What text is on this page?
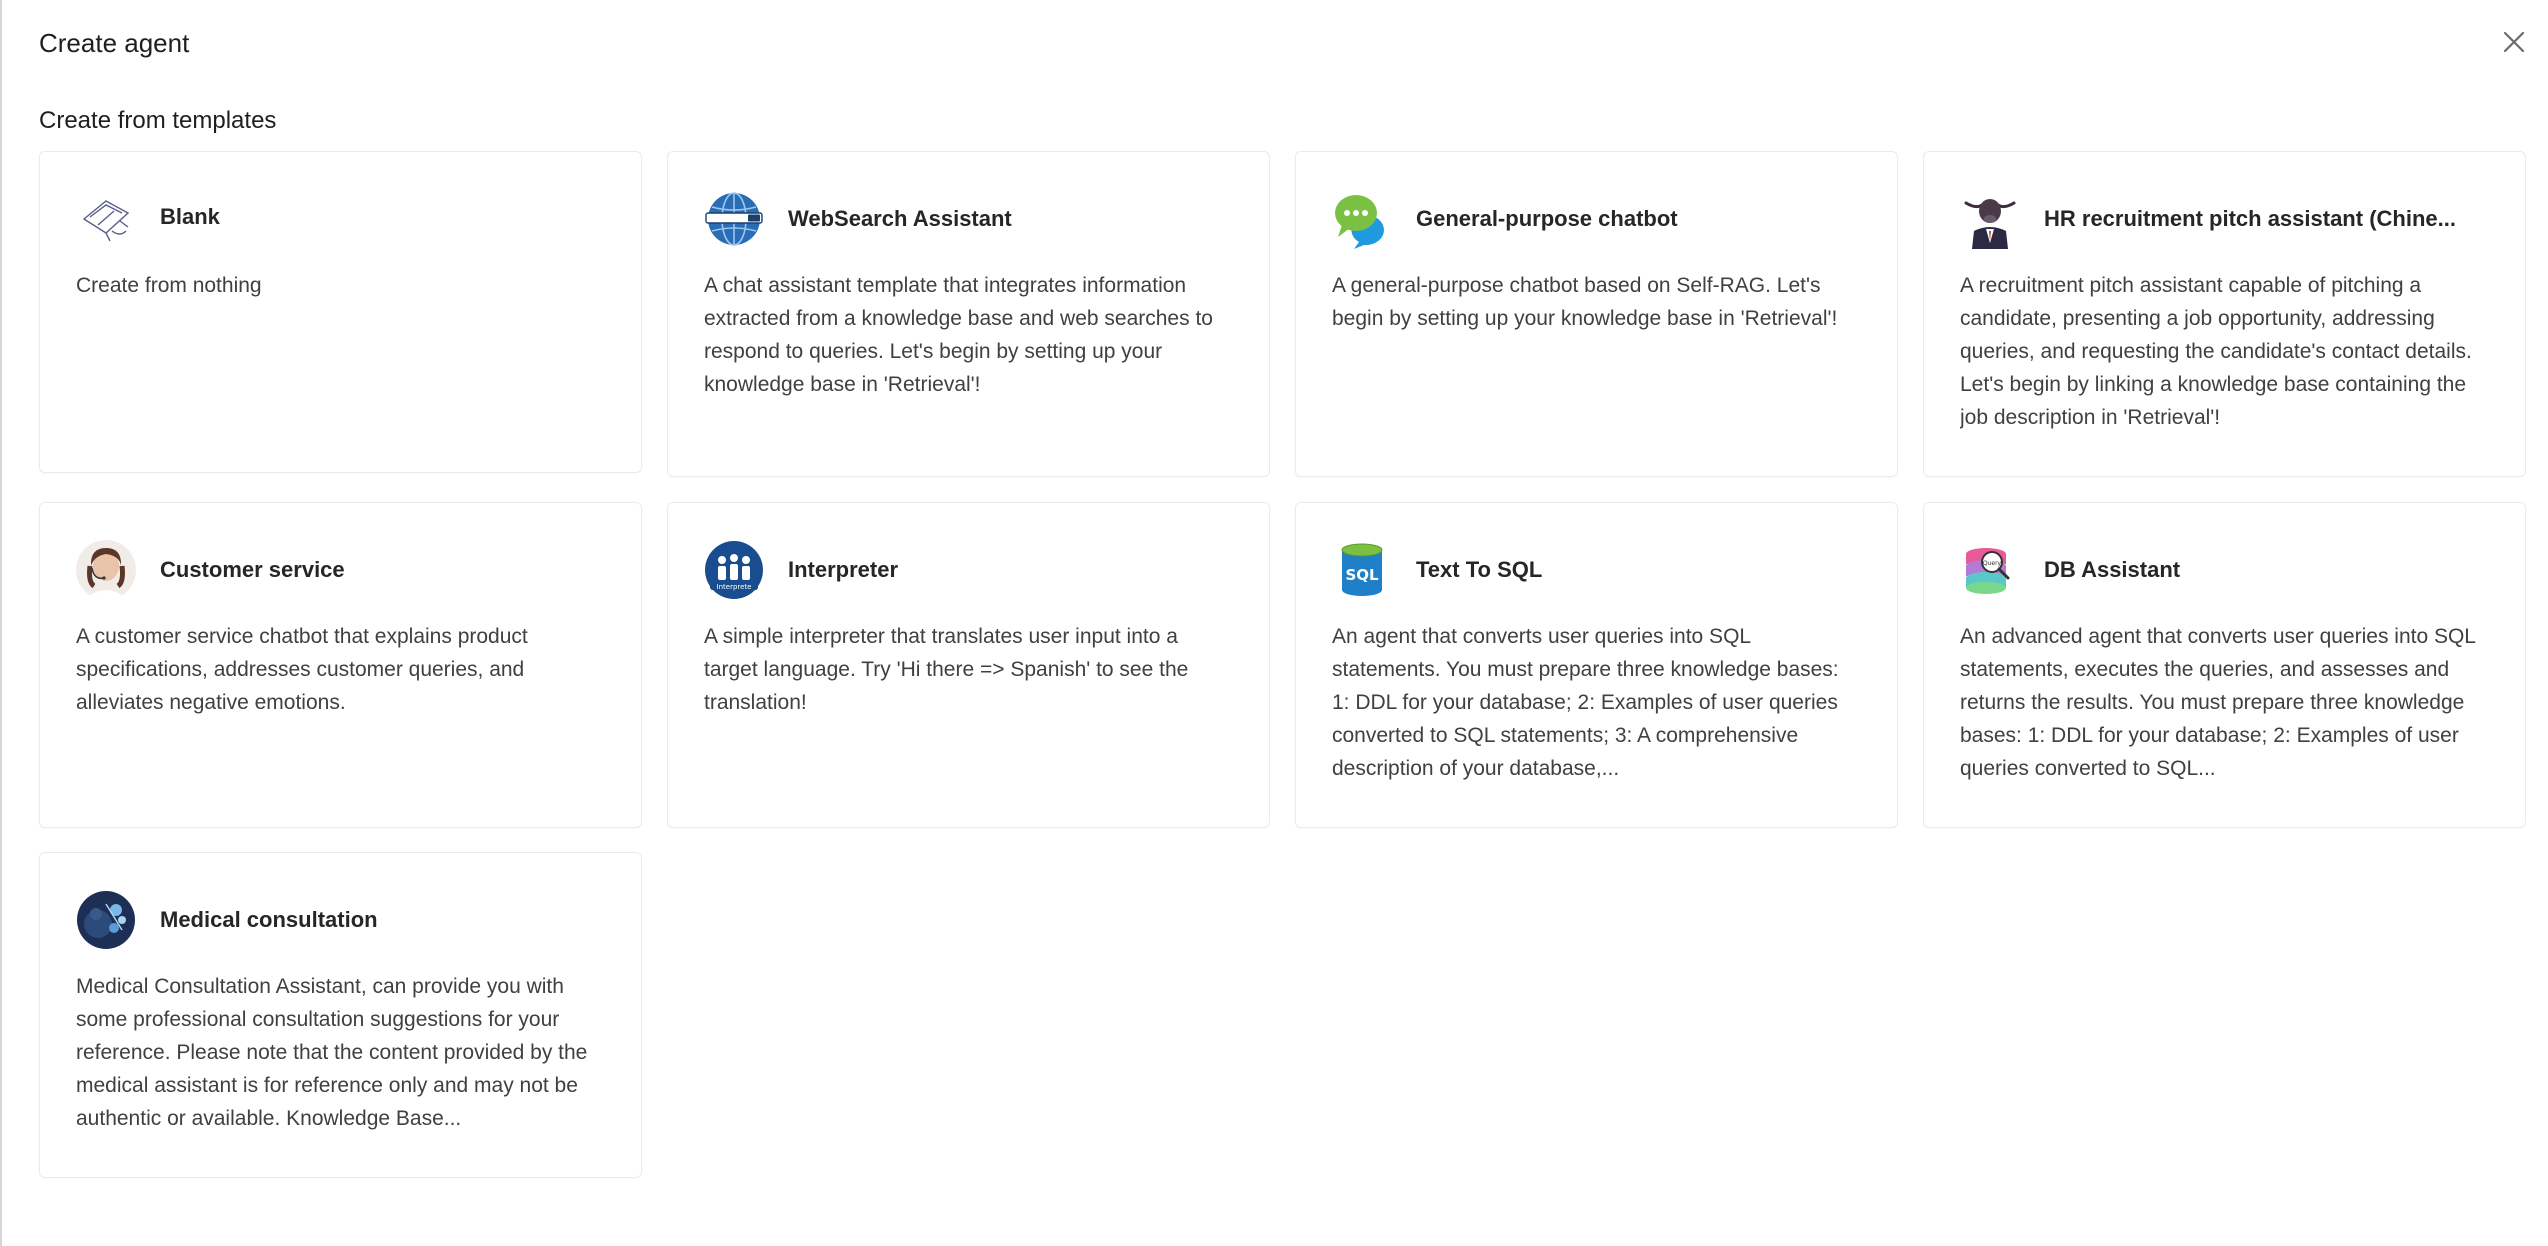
Create agent
Create from templates
Blank
Create from nothing
WebSearch Assistant
A chat assistant template that integrates information extracted from a knowledge base and web searches to respond to queries. Let's begin by setting up your knowledge base in 'Retrieval'!
General-purpose chatbot
A general-purpose chatbot based on Self-RAG. Let's begin by setting up your knowledge base in 'Retrieval'!
HR recruitment pitch assistant (Chine...
A recruitment pitch assistant capable of pitching a candidate, presenting a job opportunity, addressing queries, and requesting the candidate's contact details. Let's begin by linking a knowledge base containing the job description in 'Retrieval'!
Customer service
A customer service chatbot that explains product specifications, addresses customer queries, and alleviates negative emotions.
Interprete
Interpreter
A simple interpreter that translates user input into a target language. Try 'Hi there => Spanish' to see the translation!
SQL Text To SQL
An agent that converts user queries into SQL statements. You must prepare three knowledge bases: 1: DDL for your database; 2: Examples of user queries converted to SQL statements; 3: A comprehensive description of your database,...
Query DB Assistant
An advanced agent that converts user queries into SQL statements, executes the queries, and assesses and returns the results. You must prepare three knowledge bases: 1: DDL for your database; 2: Examples of user queries converted to SQL...
Medical consultation
Medical Consultation Assistant, can provide you with some professional consultation suggestions for your reference. Please note that the content provided by the medical assistant is for reference only and may not be authentic or available. Knowledge Base...
